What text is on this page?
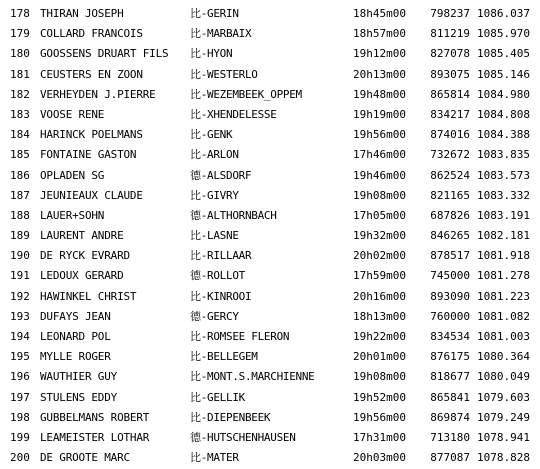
178 THIRAN JOSEPH	比-GERIN	18h45m00	798237 1086.037
179 COLLARD FRANCOIS	比-MARBAIX	18h57m00	811219 1085.970
180 GOOSSENS DRUART FILS	比-HYON	19h12m00	827078 1085.405
181 CEUSTERS EN ZOON	比-WESTERLO	20h13m00	893075 1085.146
182 VERHEYDEN J.PIERRE	比-WEZEMBEEK_OPPEM	19h48m00	865814 1084.980
183 VOOSE RENE	比-XHENDELESSE	19h19m00	834217 1084.808
184 HARINCK POELMANS	比-GENK	19h56m00	874016 1084.388
185 FONTAINE GASTON	比-ARLON	17h46m00	732672 1083.835
186 OPLADEN SG	德-ALSDORF	19h46m00	862524 1083.573
187 JEUNIEAUX CLAUDE	比-GIVRY	19h08m00	821165 1083.332
188 LAUER+SOHN	德-ALTHORNBACH	17h05m00	687826 1083.191
189 LAURENT ANDRE	比-LASNE	19h32m00	846265 1082.181
190 DE RYCK EVRARD	比-RILLAAR	20h02m00	878517 1081.918
191 LEDOUX GERARD	德-ROLLOT	17h59m00	745000 1081.278
192 HAWINKEL CHRIST	比-KINROOI	20h16m00	893090 1081.223
193 DUFAYS JEAN	德-GERCY	18h13m00	760000 1081.082
194 LEONARD POL	比-ROMSEE FLERON	19h22m00	834534 1081.003
195 MYLLE ROGER	比-BELLEGEM	20h01m00	876175 1080.364
196 WAUTHIER GUY	比-MONT.S.MARCHIENNE	19h08m00	818677 1080.049
197 STULENS EDDY	比-GELLIK	19h52m00	865841 1079.603
198 GUBBELMANS ROBERT	比-DIEPENBEEK	19h56m00	869874 1079.249
199 LEAMEISTER LOTHAR	德-HUTSCHENHAUSEN	17h31m00	713180 1078.941
200 DE GROOTE MARC	比-MATER	20h03m00	877087 1078.828
